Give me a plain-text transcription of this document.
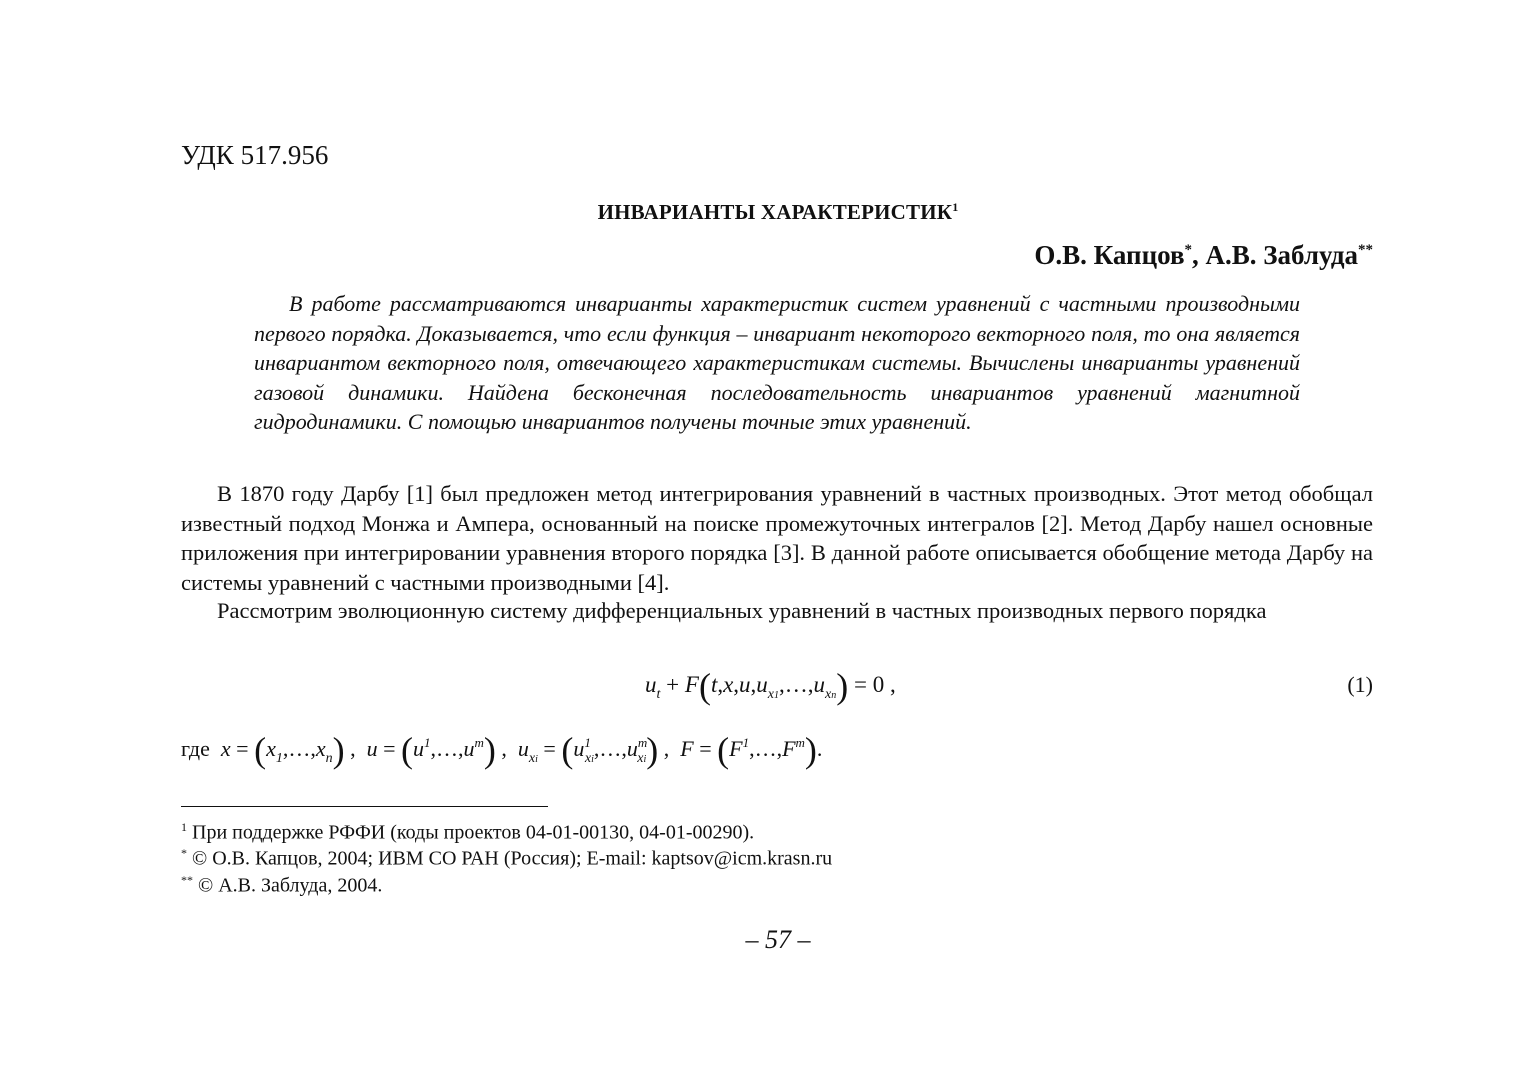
УДК 517.956
ИНВАРИАНТЫ ХАРАКТЕРИСТИК$^1$
О.В. Капцов*, А.В. Заблуда**

В работе рассматриваются инварианты характеристик систем уравнений с частными производными первого порядка. Доказывается, что если функция – инвариант некоторого векторного поля, то она является инвариантом векторного поля, отвечающего характеристикам системы. Вычислены инварианты уравнений газовой динамики. Найдена бесконечная последовательность инвариантов уравнений магнитной гидродинамики. С помощью инвариантов получены точные этих уравнений.

В 1870 году Дарбу [1] был предложен метод интегрирования уравнений в частных производных. Этот метод обобщал известный подход Монжа и Ампера, основанный на поиске промежуточных интегралов [2]. Метод Дарбу нашел основные приложения при интегрировании уравнения второго порядка [3]. В данной работе описывается обобщение метода Дарбу на системы уравнений с частными производными [4].

Рассмотрим эволюционную систему дифференциальных уравнений в частных производных первого порядка

$u_t$ + $F(t,x,u,u_{x1},\dots,u_{xn}) = 0$ ,	(1)
где $x = (x_1,\dots,x_n)$ ,  $u = (u^1,\dots,u^m)$ ,  $u_{xi}$ = $(u^1_{xi},\dots,u^m_{xi})$ ,  $F = (F^1,\dots,F^m)$.
$^1$ При поддержке РФФИ (коды проектов 04-01-00130, 04-01-00290).
* © О.В. Капцов, 2004; ИВМ СО РАН (Россия); E-mail: kaptsov@icm.krasn.ru
** © А.В. Заблуда, 2004.
– 57 –
